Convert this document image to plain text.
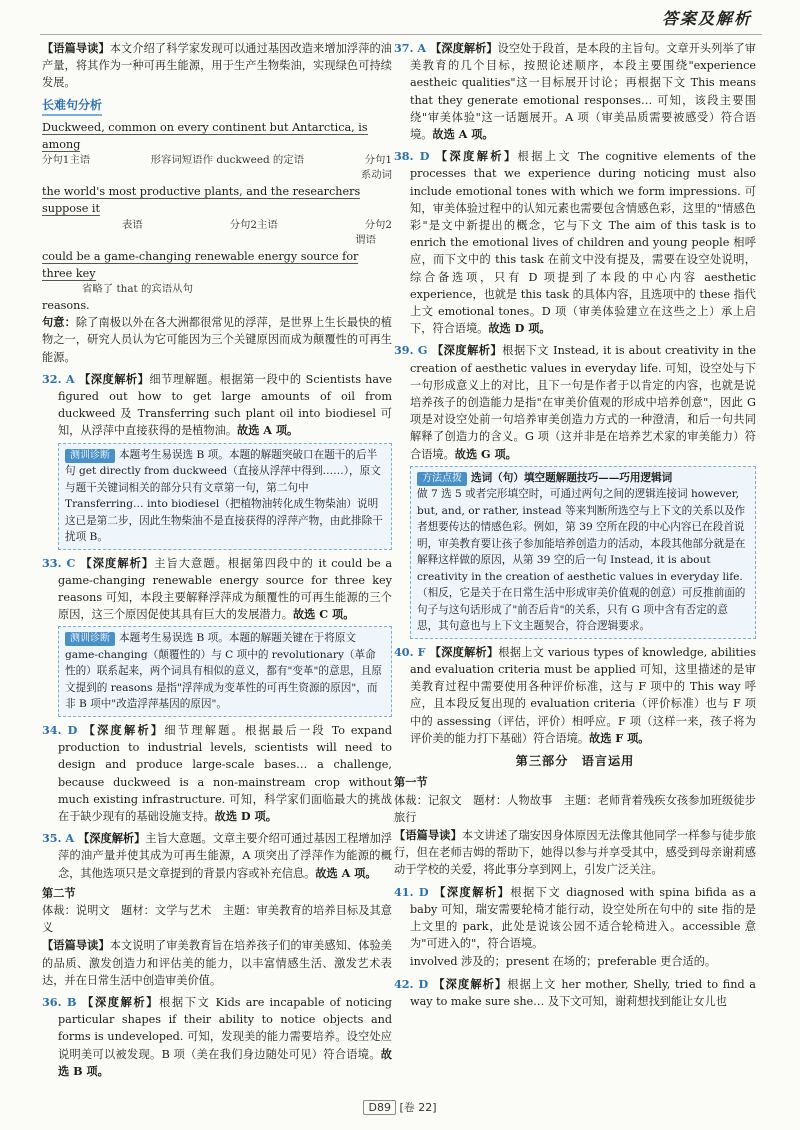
答案及解析

【语篇导读】本文介绍了科学家发现可以通过基因改造来增加浮萍的油产量，将其作为一种可再生能源，用于生产生物柴油，实现绿色可持续发展。

长难句分析
Duckweed, common on every continent but Antarctica, is among
分句1主语	形容词短语作 duckweed 的定语	分句1
系动词
the world's most productive plants, and the researchers suppose it
表语	分句2主语	分句2
谓语
could be a game-changing renewable energy source for three key
省略了 that 的宾语从句
reasons.

句意：除了南极以外在各大洲都很常见的浮萍，是世界上生长最快的植物之一，研究人员认为它可能因为三个关键原因而成为颠覆性的可再生能源。

32. A 【深度解析】细节理解题。根据第一段中的 Scientists have figured out how to get large amounts of oil from duckweed 及 Transferring such plant oil into biodiesel 可知，从浮萍中直接获得的是植物油。故选 A 项。

测训诊断 本题考生易误选 B 项。本题的解题突破口在题干的后半句 get directly from duckweed（直接从浮萍中得到……），原文与题干关键词相关的部分只有文章第一句，第二句中 Transferring… into biodiesel（把植物油转化成生物柴油）说明这已是第二步，因此生物柴油不是直接获得的浮萍产物，由此排除干扰项 B。

33. C 【深度解析】主旨大意题。根据第四段中的 it could be a game-changing renewable energy source for three key reasons 可知，本段主要解释浮萍成为颠覆性的可再生能源的三个原因，这三个原因促使其具有巨大的发展潜力。故选 C 项。

测训诊断 本题考生易误选 B 项。本题的解题关键在于将原文 game-changing（颠覆性的）与 C 项中的 revolutionary（革命性的）联系起来，两个词具有相似的意义，都有"变革"的意思，且原文提到的 reasons 是指"浮萍成为变革性的可再生资源的原因"，而非 B 项中"改造浮萍基因的原因"。

34. D 【深度解析】细节理解题。根据最后一段 To expand production to industrial levels, scientists will need to design and produce large-scale bases… a challenge, because duckweed is a non-mainstream crop without much existing infrastructure. 可知，科学家们面临最大的挑战在于缺少现有的基础设施支持。故选 D 项。

35. A 【深度解析】主旨大意题。文章主要介绍可通过基因工程增加浮萍的油产量并使其成为可再生能源，A 项突出了浮萍作为能源的概念，其他选项只是文章提到的背景内容或补充信息。故选 A 项。

第二节

体裁：说明文　题材：文学与艺术　主题：审美教育的培养目标及其意义

【语篇导读】本文说明了审美教育旨在培养孩子们的审美感知、体验美的品质、激发创造力和评估美的能力，以丰富情感生活、激发艺术表达，并在日常生活中创造审美价值。

36. B 【深度解析】根据下文 Kids are incapable of noticing particular shapes if their ability to notice objects and forms is undeveloped. 可知，发现美的能力需要培养。设空处应说明美可以被发现。B 项（美在我们身边随处可见）符合语境。故选 B 项。

37. A 【深度解析】设空处于段首，是本段的主旨句。文章开头列举了审美教育的几个目标，按照论述顺序，本段主要围绕"experience aestheic qualities"这一目标展开讨论；再根据下文 This means that they generate emotional responses… 可知，该段主要围绕"审美体验"这一话题展开。A 项（审美品质需要被感受）符合语境。故选 A 项。

38. D 【深度解析】根据上文 The cognitive elements of the processes that we experience during noticing must also include emotional tones with which we form impressions. 可知，审美体验过程中的认知元素也需要包含情感色彩，这里的"情感色彩"是文中新提出的概念，它与下文 The aim of this task is to enrich the emotional lives of children and young people 相呼应，而下文中的 this task 在前文中没有提及，需要在设空处说明，综合备选项，只有 D 项提到了本段的中心内容 aesthetic experience，也就是 this task 的具体内容，且选项中的 these 指代上文 emotional tones。D 项（审美体验建立在这些之上）承上启下，符合语境。故选 D 项。

39. G 【深度解析】根据下文 Instead, it is about creativity in the creation of aesthetic values in everyday life. 可知，设空处与下一句形成意义上的对比，且下一句是作者于以肯定的内容，也就是说培养孩子的创造能力是指"在审美价值观的形成中培养创意"，因此 G 项是对设空处前一句培养审美创造力方式的一种澄清，和后一句共同解释了创造力的含义。G 项（这并非是在培养艺术家的审美能力）符合语境。故选 G 项。

方法点拨 选词（句）填空题解题技巧——巧用逻辑词
做 7 选 5 或者完形填空时，可通过两句之间的逻辑连接词 however, but, and, or rather, instead 等来判断所选空与上下文的关系以及作者想要传达的情感色彩。例如，第 39 空所在段的中心内容已在段首说明，审美教育要让孩子参加能培养创造力的活动，本段其他部分就是在解释这样做的原因，从第 39 空的后一句 Instead, it is about creativity in the creation of aesthetic values in everyday life.（相反，它是关于在日常生活中形成审美价值观的创意）可反推前面的句子与这句话形成了"前否后肯"的关系，只有 G 项中含有否定的意思，其句意也与上下文主题契合，符合逻辑要求。

40. F 【深度解析】根据上文 various types of knowledge, abilities and evaluation criteria must be applied 可知，这里描述的是审美教育过程中需要使用各种评价标准，这与 F 项中的 This way 呼应，且本段反复出现的 evaluation criteria（评价标准）也与 F 项中的 assessing（评估，评价）相呼应。F 项（这样一来，孩子将为评价美的能力打下基础）符合语境。故选 F 项。

第三部分　语言运用
第一节

体裁：记叙文　题材：人物故事　主题：老师背着残疾女孩参加班级徒步旅行

【语篇导读】本文讲述了瑞安因身体原因无法像其他同学一样参与徒步旅行，但在老师吉姆的帮助下，她得以参与并享受其中，感受到母亲谢莉感动于学校的关爱，将此事分享到网上，引发广泛关注。

41. D 【深度解析】根据下文 diagnosed with spina bifida as a baby 可知，瑞安需要轮椅才能行动，设空处所在句中的 site 指的是上文里的 park，此处是说该公园不适合轮椅进入。accessible 意为"可进入的"，符合语境。

involved 涉及的；present 在场的；preferable 更合适的。

42. D 【深度解析】根据上文 her mother, Shelly, tried to find a way to make sure she… 及下文可知，谢莉想找到能让女儿也

D89 [卷 22]
